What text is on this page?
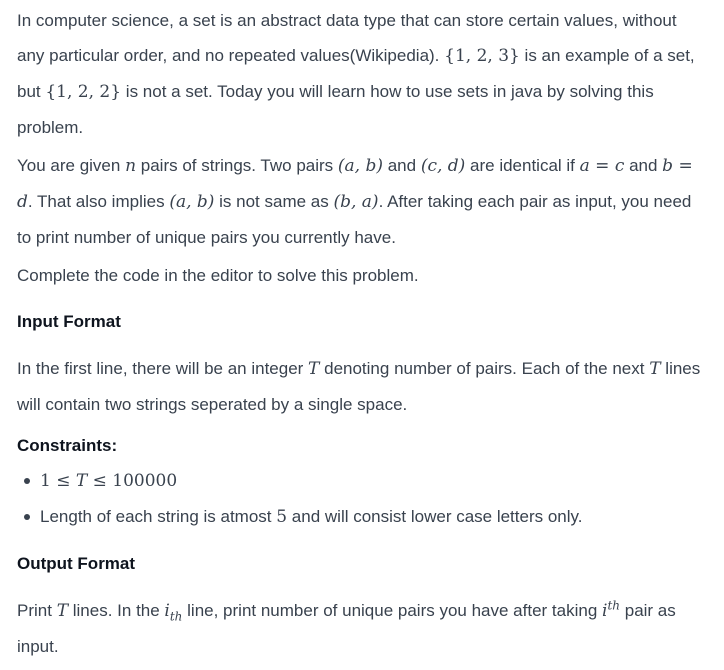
In computer science, a set is an abstract data type that can store certain values, without any particular order, and no repeated values(Wikipedia). {1, 2, 3} is an example of a set, but {1, 2, 2} is not a set. Today you will learn how to use sets in java by solving this problem.

You are given n pairs of strings. Two pairs (a, b) and (c, d) are identical if a = c and b = d. That also implies (a, b) is not same as (b, a). After taking each pair as input, you need to print number of unique pairs you currently have.

Complete the code in the editor to solve this problem.

Input Format

In the first line, there will be an integer T denoting number of pairs. Each of the next T lines will contain two strings seperated by a single space.

Constraints:
1 ≤ T ≤ 100000
Length of each string is atmost 5 and will consist lower case letters only.
Output Format

Print T lines. In the $i_{th}$ line, print number of unique pairs you have after taking $i^{th}$ pair as input.
